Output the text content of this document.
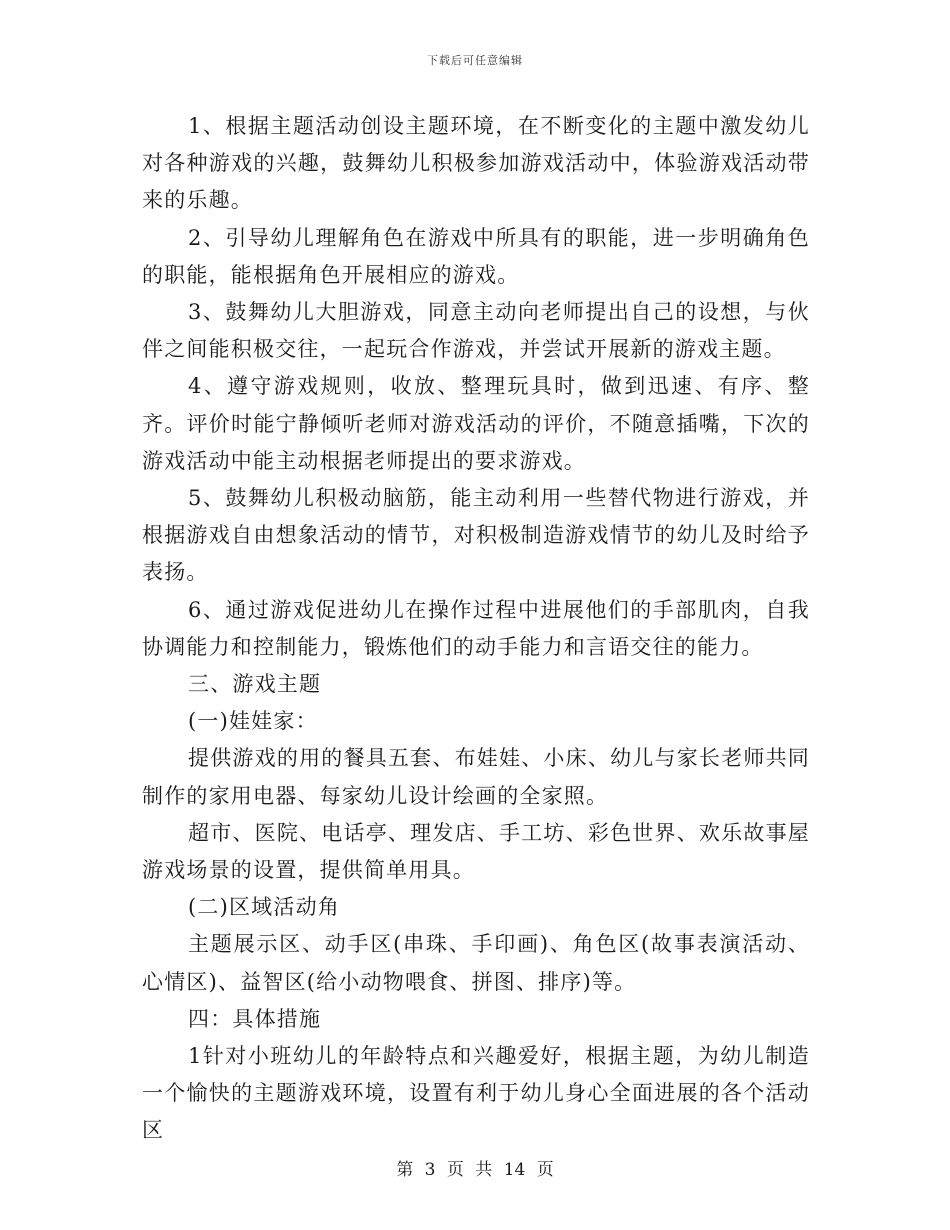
下载后可任意编辑

1、根据主题活动创设主题环境，在不断变化的主题中激发幼儿对各种游戏的兴趣，鼓舞幼儿积极参加游戏活动中，体验游戏活动带来的乐趣。

2、引导幼儿理解角色在游戏中所具有的职能，进一步明确角色的职能，能根据角色开展相应的游戏。

3、鼓舞幼儿大胆游戏，同意主动向老师提出自己的设想，与伙伴之间能积极交往，一起玩合作游戏，并尝试开展新的游戏主题。

4、遵守游戏规则，收放、整理玩具时，做到迅速、有序、整齐。评价时能宁静倾听老师对游戏活动的评价，不随意插嘴，下次的游戏活动中能主动根据老师提出的要求游戏。

5、鼓舞幼儿积极动脑筋，能主动利用一些替代物进行游戏，并根据游戏自由想象活动的情节，对积极制造游戏情节的幼儿及时给予表扬。

6、通过游戏促进幼儿在操作过程中进展他们的手部肌肉，自我协调能力和控制能力，锻炼他们的动手能力和言语交往的能力。

三、游戏主题

(一)娃娃家：

提供游戏的用的餐具五套、布娃娃、小床、幼儿与家长老师共同制作的家用电器、每家幼儿设计绘画的全家照。

超市、医院、电话亭、理发店、手工坊、彩色世界、欢乐故事屋游戏场景的设置，提供简单用具。

(二)区域活动角

主题展示区、动手区(串珠、手印画)、角色区(故事表演活动、心情区)、益智区(给小动物喂食、拼图、排序)等。

四：具体措施

1针对小班幼儿的年龄特点和兴趣爱好，根据主题，为幼儿制造一个愉快的主题游戏环境，设置有利于幼儿身心全面进展的各个活动区

第 3 页 共 14 页
